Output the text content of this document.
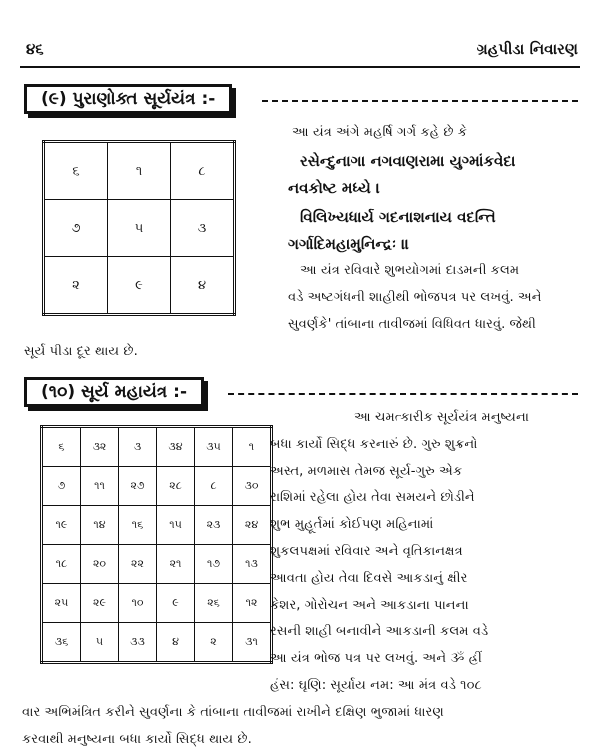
૪૬	ગ્રહપીડા નિવારણ
(૯) પુરાણોક્ત સૂર્યયંત્ર :-
૬	૧	૮
૭	૫	૩
૨	૯	૪
આ યંત્ર અંગે મહર્ષિ ગર્ગ કહે છે કે
રસેન્દુનાગા નગવાણરામા યુગ્માંકવેદા
નવકોષ્ટ મધ્યે ।
વિલિખ્યધાર્ય ગદનાશનાય વદન્તિ
ગર્ગાદિમહામુનિન્દ્રઃ ॥
આ યંત્ર રવિવારે શુભયોગમાં દાડમની કલમ
વડે અષ્ટગંધની શાહીથી ભોજપત્ર પર લખવું. અને
સુવર્ણકે' તાંબાના તાવીજમાં વિધિવત ધારવું. જેથી
સૂર્ય પીડા દૂર થાય છે.
(૧૦) સૂર્ય મહાયંત્ર :-
૬	૩૨	૩	૩૪	૩૫	૧
૭	૧૧	૨૭	૨૮	૮	૩૦
૧૯	૧૪	૧૬	૧૫	૨૩	૨૪
૧૮	૨૦	૨૨	૨૧	૧૭	૧૩
૨૫	૨૯	૧૦	૯	૨૬	૧૨
૩૬	૫	૩૩	૪	૨	૩૧
આ ચમત્કારીક સૂર્યયંત્ર મનુષ્યના
બધા કાર્યો સિદ્ધ કરનારું છે. ગુરુ શુક્રનો
અસ્ત, મળમાસ તેમજ સૂર્ય-ગુરુ એક
રાશિમાં રહેલા હોય તેવા સમયને છોડીને
શુભ મુહૂર્તમાં કોઈપણ મહિનામાં
શુકલપક્ષમાં રવિવાર અને વૃતિકાનક્ષત્ર
આવતા હોય તેવા દિવસે આકડાનું ક્ષીર
કેશર, ગોરોચન અને આકડાના પાનના
રસની શાહી બનાવીને આકડાની કલમ વડે
આ યંત્ર ભોજ પત્ર પર લખવું. અને ૐ હ્રીં
હંસ: ઘૃણિ: સૂર્યાય નમ: આ મંત્ર વડે ૧૦૮
વાર અભિમંત્રિત કરીને સુવર્ણના કે તાંબાના તાવીજમાં રાખીને દક્ષિણ ભુજામાં ધારણ
કરવાથી મનુષ્યના બધા કાર્યો સિદ્ધ થાય છે.
